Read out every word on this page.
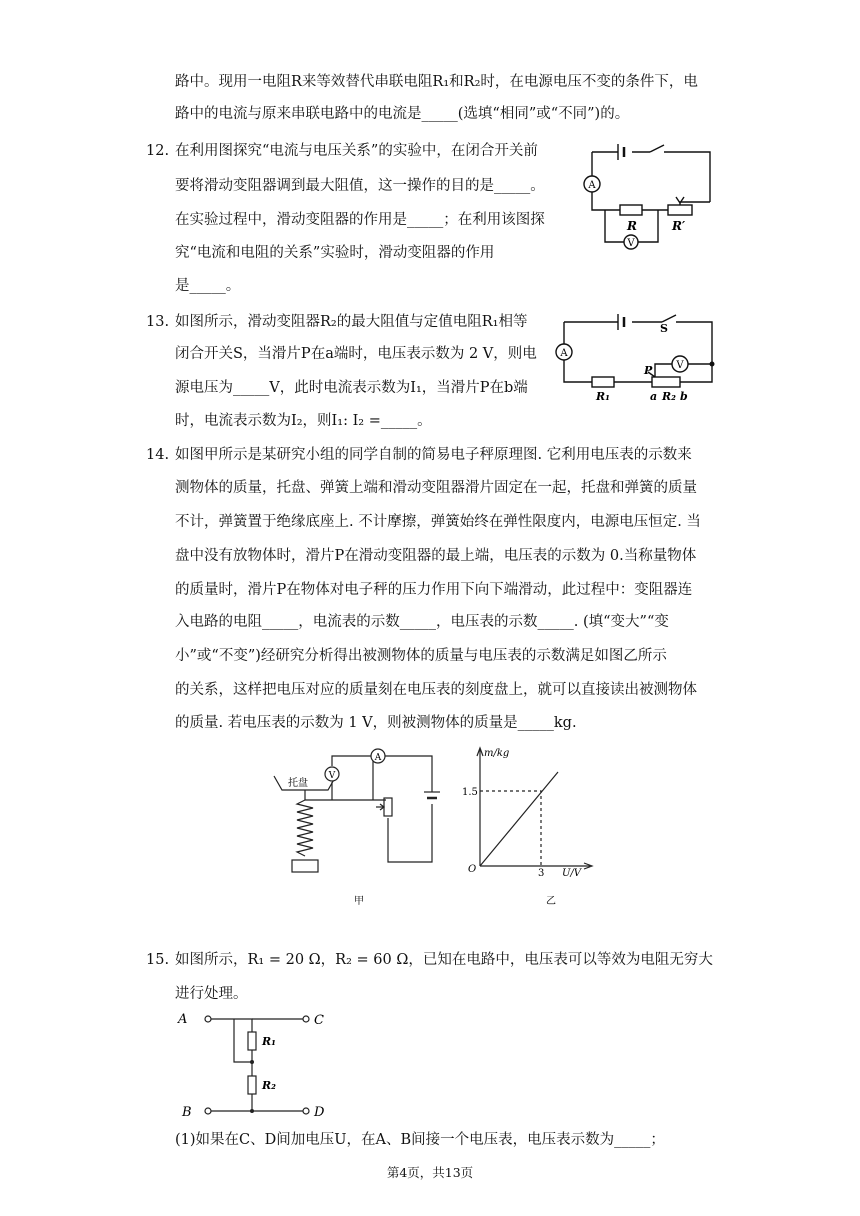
路中。现用一电阻R来等效替代串联电阻R₁和R₂时，在电源电压不变的条件下，电
路中的电流与原来串联电路中的电流是_____(选填“相同”或“不同”)的。
12. 在利用图探究“电流与电压关系”的实验中，在闭合开关前
要将滑动变阻器调到最大阻值，这一操作的目的是_____。
在实验过程中，滑动变阻器的作用是_____；在利用该图探
究“电流和电阻的关系”实验时，滑动变阻器的作用
是_____。
A
V
R	R′
13. 如图所示，滑动变阻器R₂的最大阻值与定值电阻R₁相等
闭合开关S，当滑片P在a端时，电压表示数为 2 V，则电
源电压为_____V，此时电流表示数为I₁，当滑片P在b端
时，电流表示数为I₂，则I₁: I₂ =_____。
A
V
S
P
R₁	a R₂ b
14. 如图甲所示是某研究小组的同学自制的简易电子秤原理图. 它利用电压表的示数来
测物体的质量，托盘、弹簧上端和滑动变阻器滑片固定在一起，托盘和弹簧的质量
不计，弹簧置于绝缘底座上. 不计摩擦，弹簧始终在弹性限度内，电源电压恒定. 当
盘中没有放物体时，滑片P在滑动变阻器的最上端，电压表的示数为 0.当称量物体
的质量时，滑片P在物体对电子秤的压力作用下向下端滑动，此过程中：变阻器连
入电路的电阻_____，电流表的示数_____，电压表的示数_____. (填“变大”“变
小”或“不变”)经研究分析得出被测物体的质量与电压表的示数满足如图乙所示
的关系，这样把电压对应的质量刻在电压表的刻度盘上，就可以直接读出被测物体
的质量. 若电压表的示数为 1 V，则被测物体的质量是_____kg.
V
A
托盘
甲
m/kg
U/V
O
1.5
3
乙
15. 如图所示，R₁ = 20 Ω，R₂ = 60 Ω，已知在电路中，电压表可以等效为电阻无穷大
进行处理。
A	C
B	D
R₁
R₂
(1)如果在C、D间加电压U，在A、B间接一个电压表，电压表示数为_____；
第4页，共13页
